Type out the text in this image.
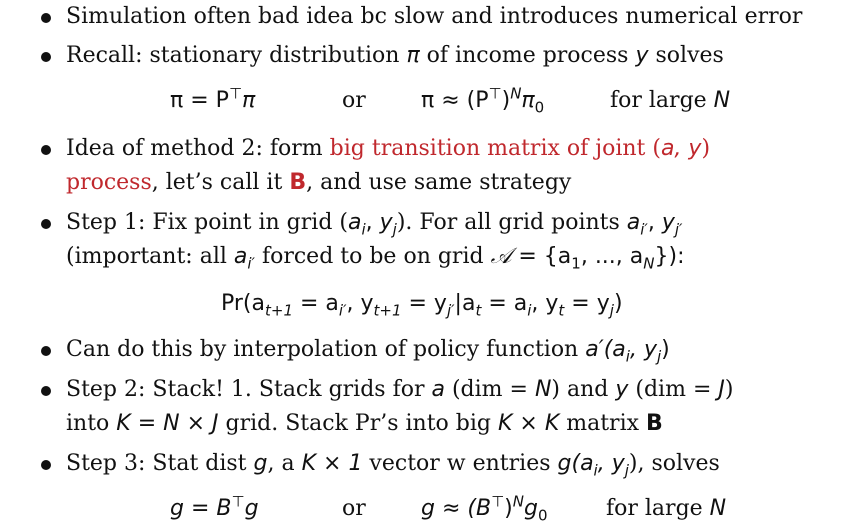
Simulation often bad idea bc slow and introduces numerical error
Recall: stationary distribution π of income process y solves
π = P⊤π	or	$\pi \approx (P^⊤)^N\pi_0$	for large N
Idea of method 2: form big transition matrix of joint (a, y)
process, let’s call it B, and use same strategy
Step 1: Fix point in grid ($a_i$, $y_j$). For all grid points $a_{i'}$, $y_{j'}$
(important: all $a_{i'}$ forced to be on grid 𝒜 = {$a_1$, ..., $a_N$}):
$Pr(a_{t+1} = a_{i'}$, $y_{t+1} = y_{j'}|a_t = a_i$, $y_t = y_j$)
Can do this by interpolation of policy function $a'(a_i$, $y_j$)
Step 2: Stack! 1. Stack grids for a (dim = N) and y (dim = J)
into K = N × J grid. Stack Pr’s into big K × K matrix B
Step 3: Stat dist g, a K × 1 vector w entries $g(a_i$, $y_j$), solves
g = B⊤g	or	$g \approx (B^⊤)^Ng_0$	for large N
